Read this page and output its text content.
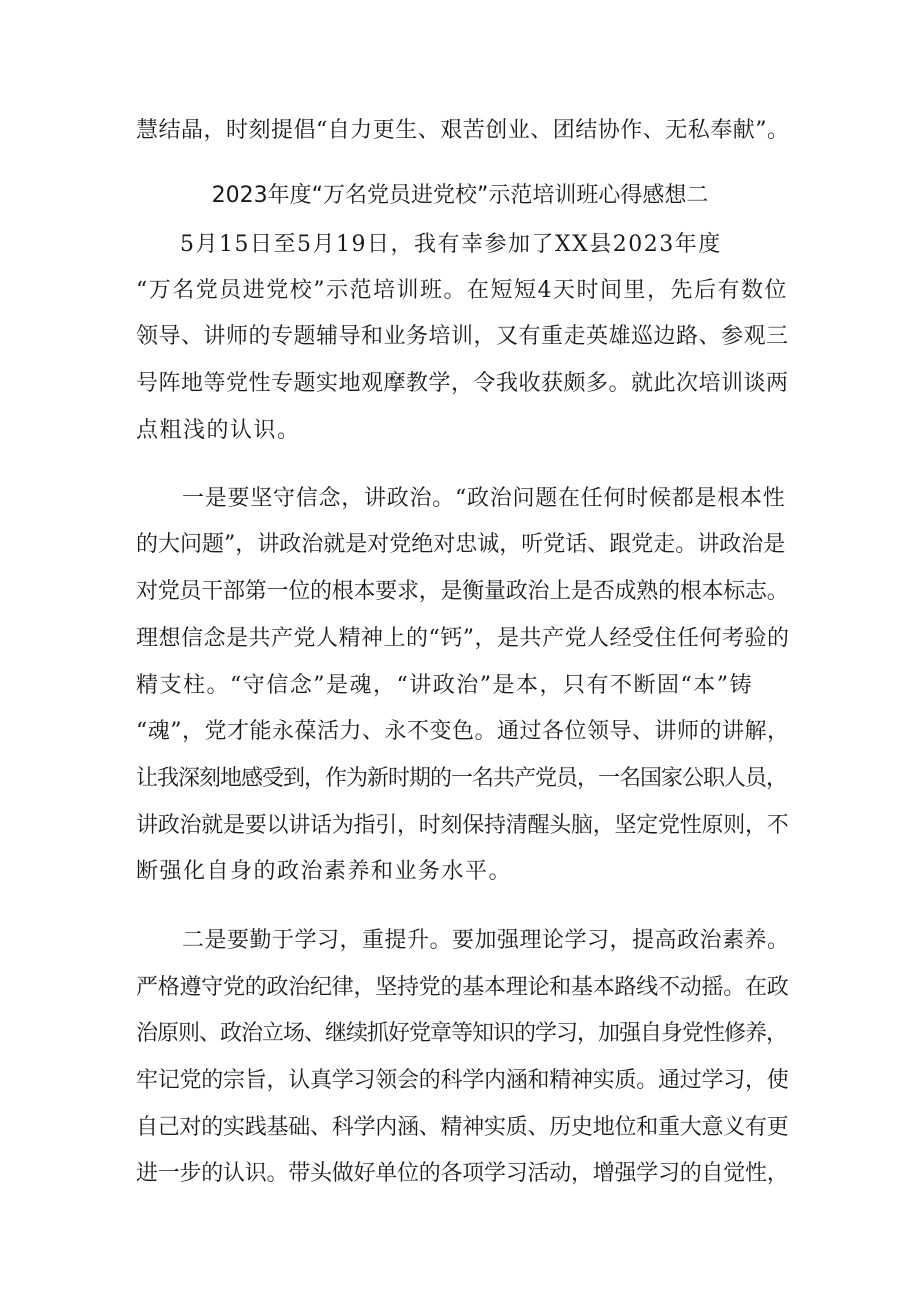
慧结晶，时刻提倡“自力更生、艰苦创业、团结协作、无私奉献”。
2023年度“万名党员进党校”示范培训班心得感想二
5月15日至5月19日，我有幸参加了XX县2023年度
“万名党员进党校”示范培训班。在短短4天时间里，先后有数位
领导、讲师的专题辅导和业务培训，又有重走英雄巡边路、参观三
号阵地等党性专题实地观摩教学，令我收获颇多。就此次培训谈两
点粗浅的认识。
一是要坚守信念，讲政治。“政治问题在任何时候都是根本性
的大问题”，讲政治就是对党绝对忠诚，听党话、跟党走。讲政治是
对党员干部第一位的根本要求，是衡量政治上是否成熟的根本标志。
理想信念是共产党人精神上的“钙”，是共产党人经受住任何考验的
精支柱。“守信念”是魂，“讲政治”是本，只有不断固“本”铸
“魂”，党才能永葆活力、永不变色。通过各位领导、讲师的讲解，
让我深刻地感受到，作为新时期的一名共产党员，一名国家公职人员，
讲政治就是要以讲话为指引，时刻保持清醒头脑，坚定党性原则，不
断强化自身的政治素养和业务水平。
二是要勤于学习，重提升。要加强理论学习，提高政治素养。
严格遵守党的政治纪律，坚持党的基本理论和基本路线不动摇。在政
治原则、政治立场、继续抓好党章等知识的学习，加强自身党性修养，
牢记党的宗旨，认真学习领会的科学内涵和精神实质。通过学习，使
自己对的实践基础、科学内涵、精神实质、历史地位和重大意义有更
进一步的认识。带头做好单位的各项学习活动，增强学习的自觉性，
